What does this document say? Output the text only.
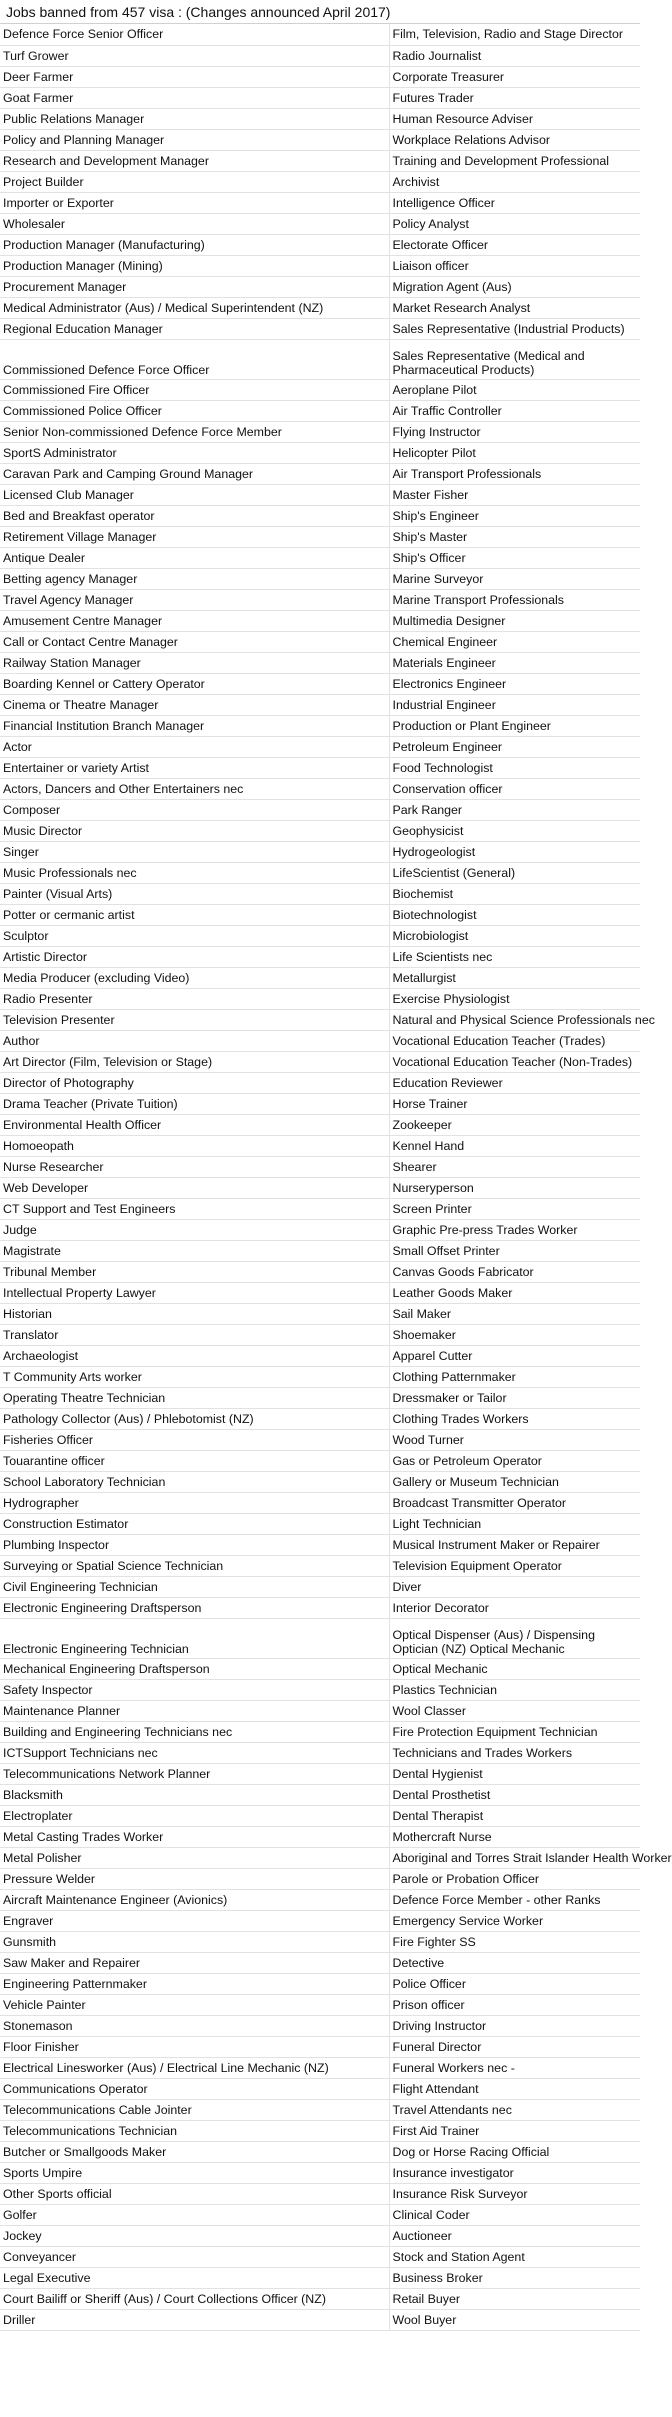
Jobs banned from 457 visa : (Changes announced April 2017)
Defence Force Senior Officer	Film, Television, Radio and Stage Director
Turf Grower	Radio Journalist
Deer Farmer	Corporate Treasurer
Goat Farmer	Futures Trader
Public Relations Manager	Human Resource Adviser
Policy and Planning Manager	Workplace Relations Advisor
Research and Development Manager	Training and Development Professional
Project Builder	Archivist
Importer or Exporter	Intelligence Officer
Wholesaler	Policy Analyst
Production Manager (Manufacturing)	Electorate Officer
Production Manager (Mining)	Liaison officer
Procurement Manager	Migration Agent (Aus)
Medical Administrator (Aus) / Medical Superintendent (NZ)	Market Research Analyst
Regional Education Manager	Sales Representative (Industrial Products)
Commissioned Defence Force Officer	Sales Representative (Medical and Pharmaceutical Products)
Commissioned Fire Officer	Aeroplane Pilot
Commissioned Police Officer	Air Traffic Controller
Senior Non-commissioned Defence Force Member	Flying Instructor
SportS Administrator	Helicopter Pilot
Caravan Park and Camping Ground Manager	Air Transport Professionals
Licensed Club Manager	Master Fisher
Bed and Breakfast operator	Ship's Engineer
Retirement Village Manager	Ship's Master
Antique Dealer	Ship's Officer
Betting agency Manager	Marine Surveyor
Travel Agency Manager	Marine Transport Professionals
Amusement Centre Manager	Multimedia Designer
Call or Contact Centre Manager	Chemical Engineer
Railway Station Manager	Materials Engineer
Boarding Kennel or Cattery Operator	Electronics Engineer
Cinema or Theatre Manager	Industrial Engineer
Financial Institution Branch Manager	Production or Plant Engineer
Actor	Petroleum Engineer
Entertainer or variety Artist	Food Technologist
Actors, Dancers and Other Entertainers nec	Conservation officer
Composer	Park Ranger
Music Director	Geophysicist
Singer	Hydrogeologist
Music Professionals nec	LifeScientist (General)
Painter (Visual Arts)	Biochemist
Potter or cermanic artist	Biotechnologist
Sculptor	Microbiologist
Artistic Director	Life Scientists nec
Media Producer (excluding Video)	Metallurgist
Radio Presenter	Exercise Physiologist
Television Presenter	Natural and Physical Science Professionals nec
Author	Vocational Education Teacher (Trades)
Art Director (Film, Television or Stage)	Vocational Education Teacher (Non-Trades)
Director of Photography	Education Reviewer
Drama Teacher (Private Tuition)	Horse Trainer
Environmental Health Officer	Zookeeper
Homoeopath	Kennel Hand
Nurse Researcher	Shearer
Web Developer	Nurseryperson
CT Support and Test Engineers	Screen Printer
Judge	Graphic Pre-press Trades Worker
Magistrate	Small Offset Printer
Tribunal Member	Canvas Goods Fabricator
Intellectual Property Lawyer	Leather Goods Maker
Historian	Sail Maker
Translator	Shoemaker
Archaeologist	Apparel Cutter
T Community Arts worker	Clothing Patternmaker
Operating Theatre Technician	Dressmaker or Tailor
Pathology Collector (Aus) / Phlebotomist (NZ)	Clothing Trades Workers
Fisheries Officer	Wood Turner
Touarantine officer	Gas or Petroleum Operator
School Laboratory Technician	Gallery or Museum Technician
Hydrographer	Broadcast Transmitter Operator
Construction Estimator	Light Technician
Plumbing Inspector	Musical Instrument Maker or Repairer
Surveying or Spatial Science Technician	Television Equipment Operator
Civil Engineering Technician	Diver
Electronic Engineering Draftsperson	Interior Decorator
Electronic Engineering Technician	Optical Dispenser (Aus) / Dispensing Optician (NZ) Optical Mechanic
Mechanical Engineering Draftsperson	Optical Mechanic
Safety Inspector	Plastics Technician
Maintenance Planner	Wool Classer
Building and Engineering Technicians nec	Fire Protection Equipment Technician
ICTSupport Technicians nec	Technicians and Trades Workers
Telecommunications Network Planner	Dental Hygienist
Blacksmith	Dental Prosthetist
Electroplater	Dental Therapist
Metal Casting Trades Worker	Mothercraft Nurse
Metal Polisher	Aboriginal and Torres Strait Islander Health Worker
Pressure Welder	Parole or Probation Officer
Aircraft Maintenance Engineer (Avionics)	Defence Force Member - other Ranks
Engraver	Emergency Service Worker
Gunsmith	Fire Fighter SS
Saw Maker and Repairer	Detective
Engineering Patternmaker	Police Officer
Vehicle Painter	Prison officer
Stonemason	Driving Instructor
Floor Finisher	Funeral Director
Electrical Linesworker (Aus) / Electrical Line Mechanic (NZ)	Funeral Workers nec -
Communications Operator	Flight Attendant
Telecommunications Cable Jointer	Travel Attendants nec
Telecommunications Technician	First Aid Trainer
Butcher or Smallgoods Maker	Dog or Horse Racing Official
Sports Umpire	Insurance investigator
Other Sports official	Insurance Risk Surveyor
Golfer	Clinical Coder
Jockey	Auctioneer
Conveyancer	Stock and Station Agent
Legal Executive	Business Broker
Court Bailiff or Sheriff (Aus) / Court Collections Officer (NZ)	Retail Buyer
Driller	Wool Buyer
